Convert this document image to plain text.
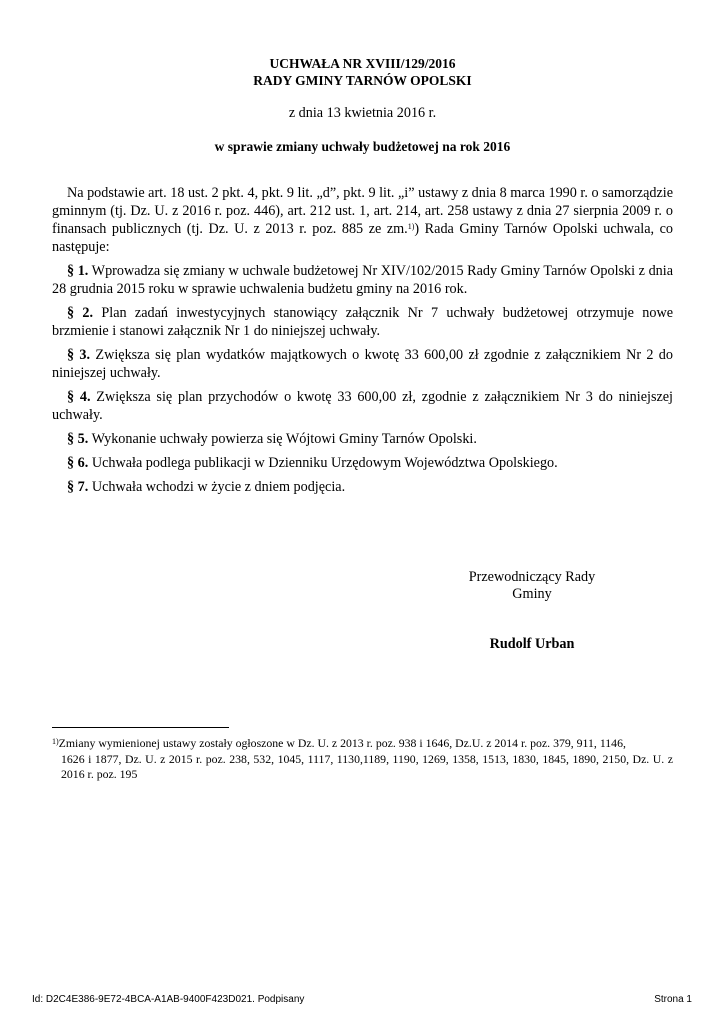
UCHWAŁA NR XVIII/129/2016
RADY GMINY TARNÓW OPOLSKI
z dnia 13 kwietnia 2016 r.
w sprawie zmiany uchwały budżetowej na rok 2016

Na podstawie art. 18 ust. 2 pkt. 4, pkt. 9 lit. „d”, pkt. 9 lit. „i” ustawy z dnia 8 marca 1990 r. o samorządzie gminnym (tj. Dz. U. z 2016 r. poz. 446), art. 212 ust. 1, art. 214, art. 258 ustawy z dnia 27 sierpnia 2009 r. o finansach publicznych (tj. Dz. U. z 2013 r. poz. 885 ze zm.$^{1)}$) Rada Gminy Tarnów Opolski uchwala, co następuje:

§ 1. Wprowadza się zmiany w uchwale budżetowej Nr XIV/102/2015 Rady Gminy Tarnów Opolski z dnia 28 grudnia 2015 roku w sprawie uchwalenia budżetu gminy na 2016 rok.

§ 2. Plan zadań inwestycyjnych stanowiący załącznik Nr 7 uchwały budżetowej otrzymuje nowe brzmienie i stanowi załącznik Nr 1 do niniejszej uchwały.

§ 3. Zwiększa się plan wydatków majątkowych o kwotę 33 600,00 zł zgodnie z załącznikiem Nr 2 do niniejszej uchwały.

§ 4. Zwiększa się plan przychodów o kwotę 33 600,00 zł, zgodnie z załącznikiem Nr 3 do niniejszej uchwały.

§ 5. Wykonanie uchwały powierza się Wójtowi Gminy Tarnów Opolski.

§ 6. Uchwała podlega publikacji w Dzienniku Urzędowym Województwa Opolskiego.

§ 7. Uchwała wchodzi w życie z dniem podjęcia.

Przewodniczący Rady
Gminy
Rudolf Urban
$^{1)}$Zmiany wymienionej ustawy zostały ogłoszone w Dz. U. z 2013 r. poz. 938 i 1646, Dz.U. z 2014 r. poz. 379, 911, 1146,
1626 i 1877, Dz. U. z 2015 r. poz. 238, 532, 1045, 1117, 1130,1189, 1190, 1269, 1358, 1513, 1830, 1845, 1890, 2150, Dz. U. z 2016 r. poz. 195
Id: D2C4E386-9E72-4BCA-A1AB-9400F423D021. Podpisany	Strona 1
